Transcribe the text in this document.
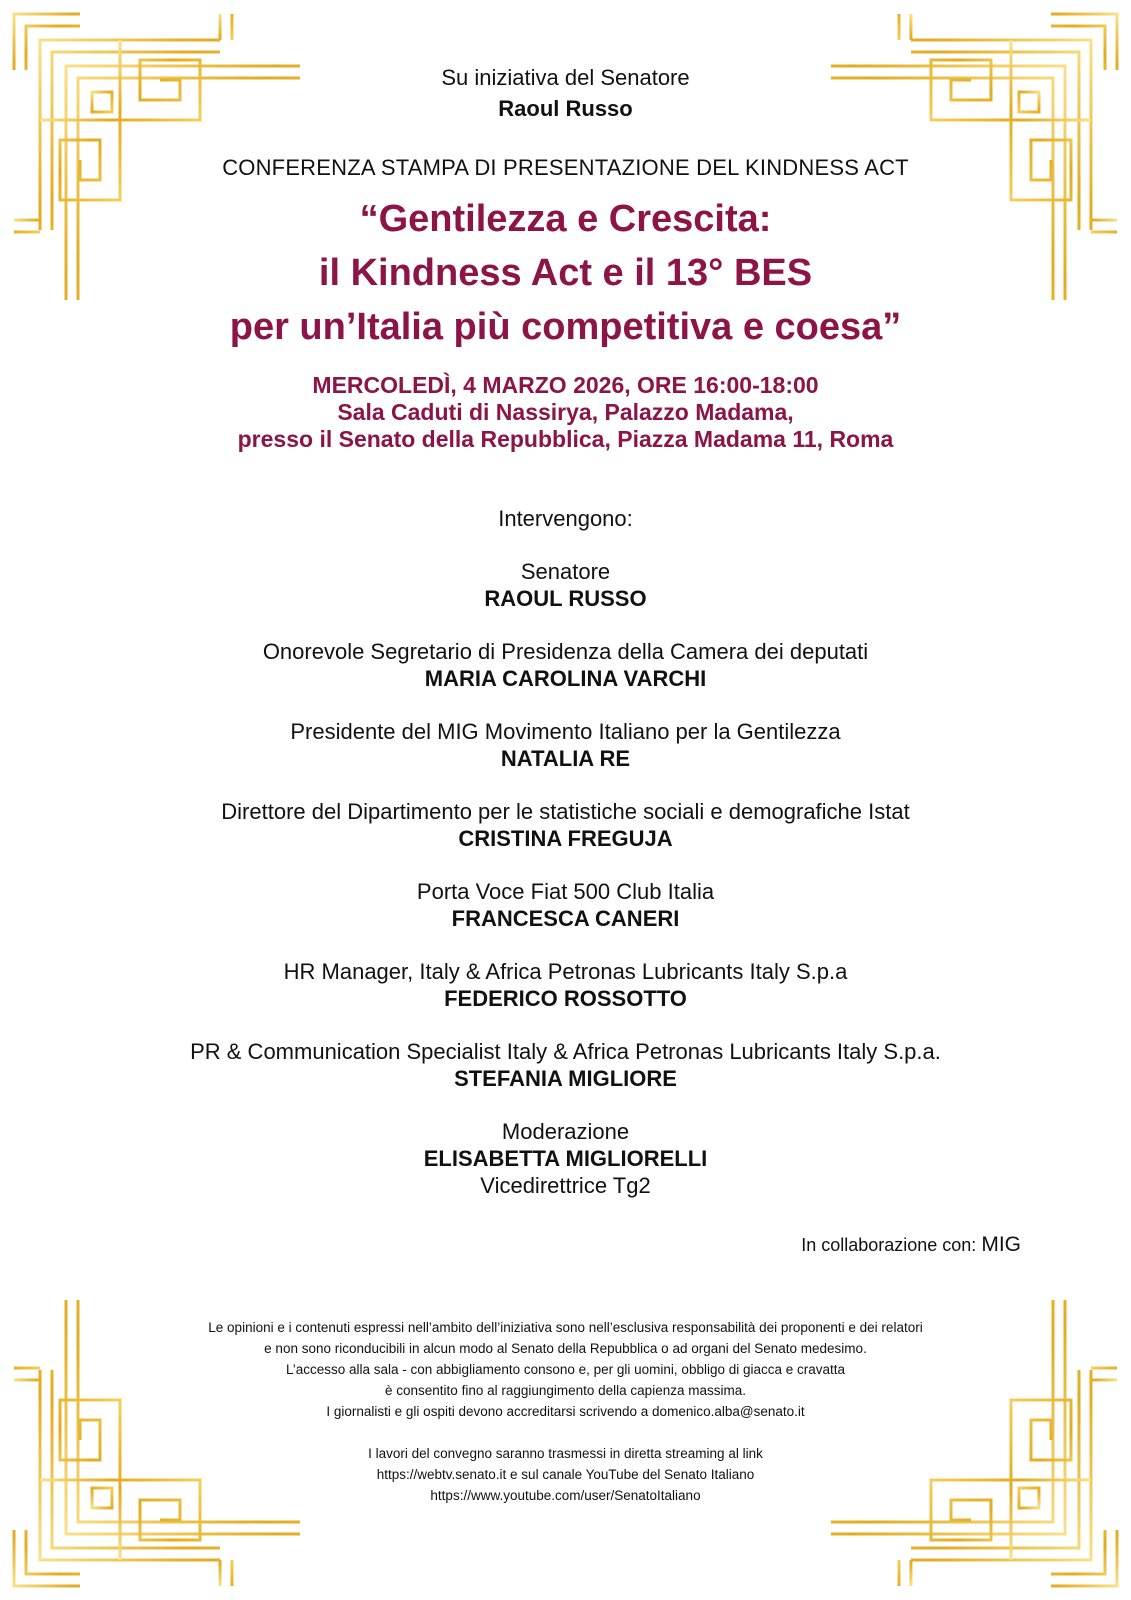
Su iniziativa del Senatore
Raoul Russo
CONFERENZA STAMPA DI PRESENTAZIONE DEL KINDNESS ACT
“Gentilezza e Crescita:
il Kindness Act e il 13° BES
per un’Italia più competitiva e coesa”
MERCOLEDÌ, 4 MARZO 2026, ORE 16:00-18:00
Sala Caduti di Nassirya, Palazzo Madama,
presso il Senato della Repubblica, Piazza Madama 11, Roma
Intervengono:
Senatore
RAOUL RUSSO
Onorevole Segretario di Presidenza della Camera dei deputati
MARIA CAROLINA VARCHI
Presidente del MIG Movimento Italiano per la Gentilezza
NATALIA RE
Direttore del Dipartimento per le statistiche sociali e demografiche Istat
CRISTINA FREGUJA
Porta Voce Fiat 500 Club Italia
FRANCESCA CANERI
HR Manager, Italy & Africa Petronas Lubricants Italy S.p.a
FEDERICO ROSSOTTO
PR & Communication Specialist Italy & Africa Petronas Lubricants Italy S.p.a.
STEFANIA MIGLIORE
Moderazione
ELISABETTA MIGLIORELLI
Vicedirettrice Tg2
In collaborazione con: MIG
Le opinioni e i contenuti espressi nell’ambito dell’iniziativa sono nell’esclusiva responsabilità dei proponenti e dei relatori
e non sono riconducibili in alcun modo al Senato della Repubblica o ad organi del Senato medesimo.
L’accesso alla sala - con abbigliamento consono e, per gli uomini, obbligo di giacca e cravatta
è consentito fino al raggiungimento della capienza massima.
I giornalisti e gli ospiti devono accreditarsi scrivendo a domenico.alba@senato.it
I lavori del convegno saranno trasmessi in diretta streaming al link
https://webtv.senato.it e sul canale YouTube del Senato Italiano
https://www.youtube.com/user/SenatoItaliano
